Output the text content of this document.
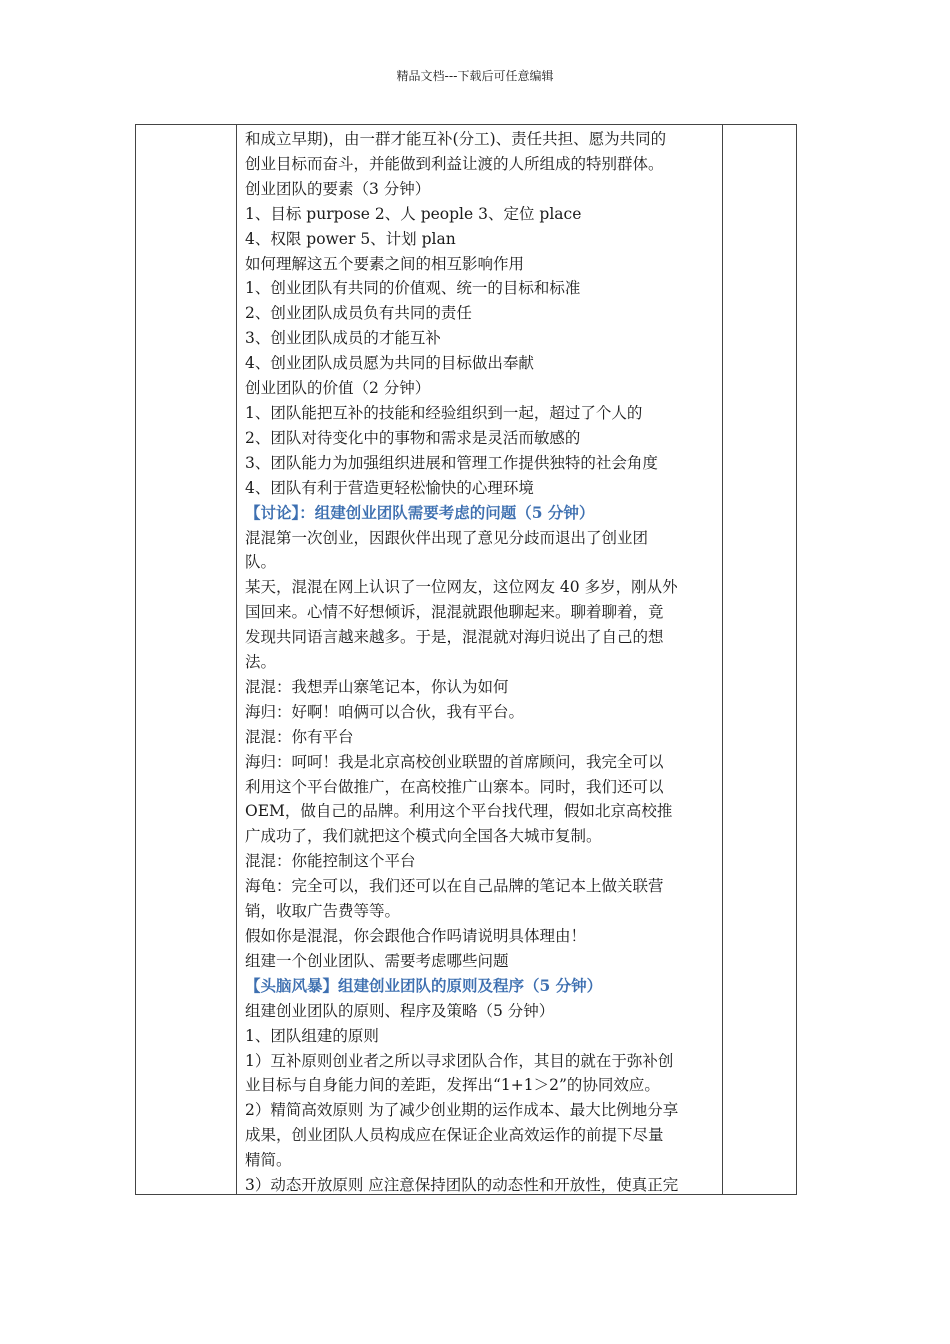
精品文档---下载后可任意编辑

和成立早期)，由一群才能互补(分工)、责任共担、愿为共同的

创业目标而奋斗，并能做到利益让渡的人所组成的特别群体。

创业团队的要素（3 分钟）

1、目标 purpose 2、人 people 3、定位 place

4、权限 power 5、计划 plan

如何理解这五个要素之间的相互影响作用

1、创业团队有共同的价值观、统一的目标和标准

2、创业团队成员负有共同的责任

3、创业团队成员的才能互补

4、创业团队成员愿为共同的目标做出奉献

创业团队的价值（2 分钟）

1、团队能把互补的技能和经验组织到一起，超过了个人的

2、团队对待变化中的事物和需求是灵活而敏感的

3、团队能力为加强组织进展和管理工作提供独特的社会角度

4、团队有利于营造更轻松愉快的心理环境

【讨论】：组建创业团队需要考虑的问题（5 分钟）

混混第一次创业，因跟伙伴出现了意见分歧而退出了创业团

队。

某天，混混在网上认识了一位网友，这位网友 40 多岁，刚从外

国回来。心情不好想倾诉，混混就跟他聊起来。聊着聊着，竟

发现共同语言越来越多。于是，混混就对海归说出了自己的想

法。

混混：我想弄山寨笔记本，你认为如何

海归：好啊！咱俩可以合伙，我有平台。

混混：你有平台

海归：呵呵！我是北京高校创业联盟的首席顾问，我完全可以

利用这个平台做推广，在高校推广山寨本。同时，我们还可以

OEM，做自己的品牌。利用这个平台找代理，假如北京高校推

广成功了，我们就把这个模式向全国各大城市复制。

混混：你能控制这个平台

海龟：完全可以，我们还可以在自己品牌的笔记本上做关联营

销，收取广告费等等。

假如你是混混，你会跟他合作吗请说明具体理由！

组建一个创业团队、需要考虑哪些问题

【头脑风暴】组建创业团队的原则及程序（5 分钟）

组建创业团队的原则、程序及策略（5 分钟）

1、团队组建的原则

1）互补原则创业者之所以寻求团队合作，其目的就在于弥补创

业目标与自身能力间的差距，发挥出“1+1＞2”的协同效应。

2）精简高效原则 为了减少创业期的运作成本、最大比例地分享

成果，创业团队人员构成应在保证企业高效运作的前提下尽量

精简。

3）动态开放原则 应注意保持团队的动态性和开放性，使真正完
